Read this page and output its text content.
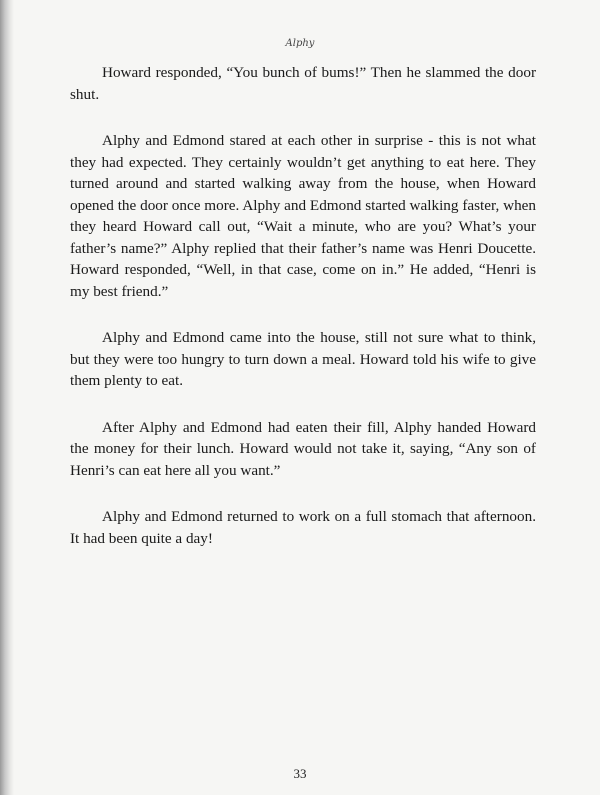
Alphy

Howard responded, “You bunch of bums!” Then he slammed the door shut.

Alphy and Edmond stared at each other in surprise - this is not what they had expected. They certainly wouldn’t get anything to eat here. They turned around and started walking away from the house, when Howard opened the door once more. Alphy and Edmond started walking faster, when they heard Howard call out, “Wait a minute, who are you? What’s your father’s name?” Alphy replied that their father’s name was Henri Doucette. Howard responded, “Well, in that case, come on in.” He added, “Henri is my best friend.”

Alphy and Edmond came into the house, still not sure what to think, but they were too hungry to turn down a meal. Howard told his wife to give them plenty to eat.

After Alphy and Edmond had eaten their fill, Alphy handed Howard the money for their lunch. Howard would not take it, saying, “Any son of Henri’s can eat here all you want.”

Alphy and Edmond returned to work on a full stomach that afternoon. It had been quite a day!

33
